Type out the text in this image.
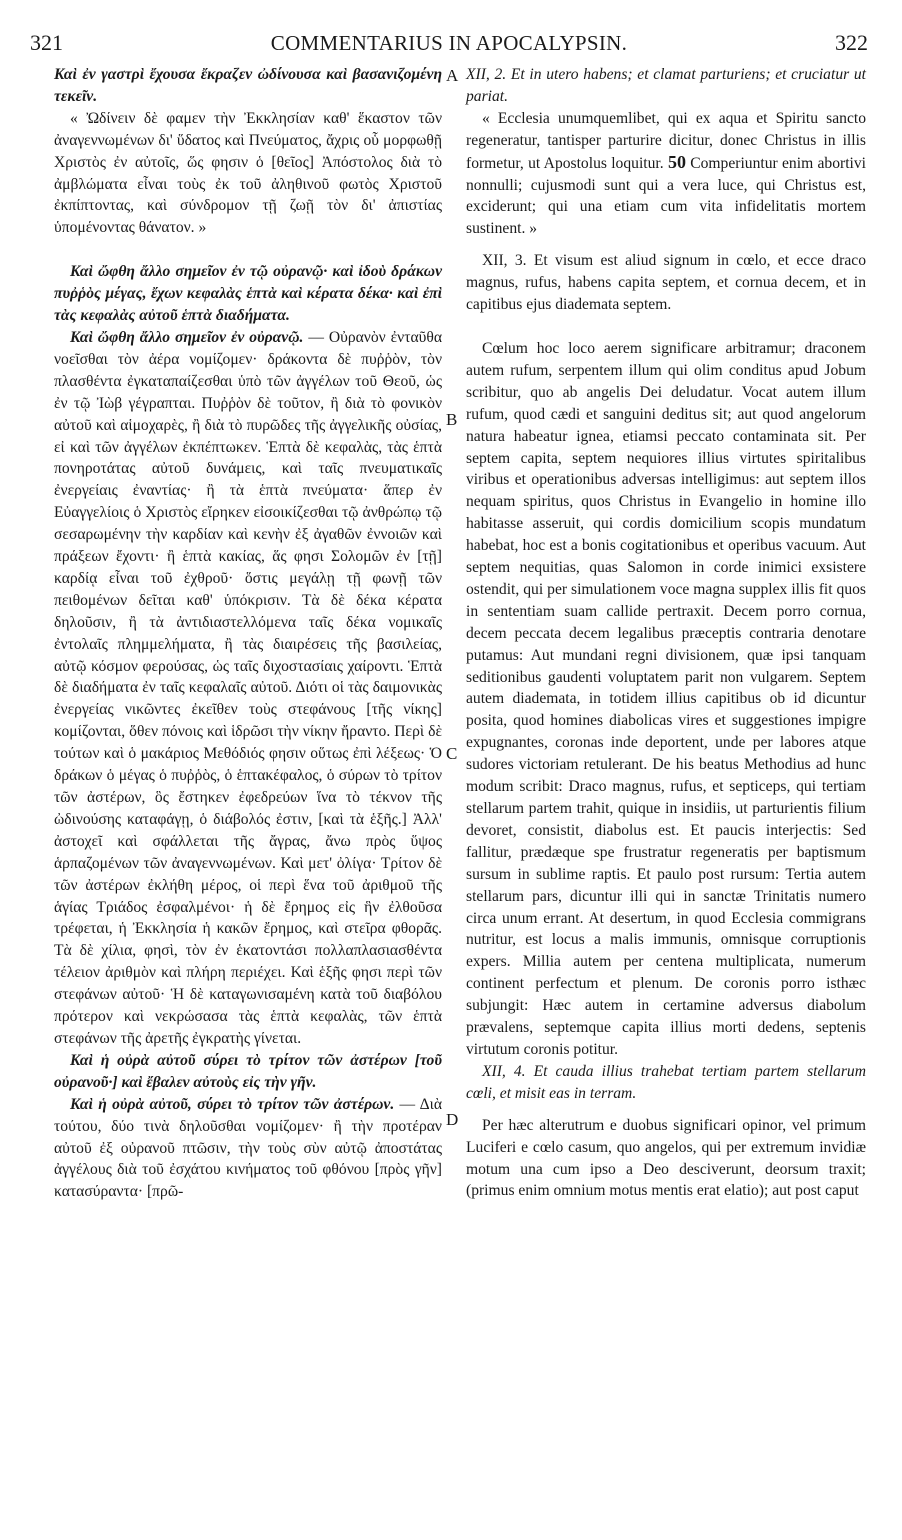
321	COMMENTARIUS IN APOCALYPSIN.	322
A
B
C
D

Καὶ ἐν γαστρὶ ἔχουσα ἔκραζεν ὠδίνουσα καὶ βασανιζομένη τεκεῖν.

« Ὠδίνειν δὲ φαμεν τὴν Ἐκκλησίαν καθ' ἕκαστον τῶν ἀναγεννωμένων δι' ὕδατος καὶ Πνεύματος, ἄχρις οὗ μορφωθῇ Χριστὸς ἐν αὐτοῖς, ὥς φησιν ὁ [θεῖος] Ἀπόστολος διὰ τὸ ἀμβλώματα εἶναι τοὺς ἐκ τοῦ ἀληθινοῦ φωτὸς Χριστοῦ ἐκπίπτοντας, καὶ σύνδρομον τῇ ζωῇ τὸν δι' ἀπιστίας ὑπομένοντας θάνατον. »

Καὶ ὤφθη ἄλλο σημεῖον ἐν τῷ οὐρανῷ· καὶ ἰδοὺ δράκων πυῤῥὸς μέγας, ἔχων κεφαλὰς ἑπτὰ καὶ κέρατα δέκα· καὶ ἐπὶ τὰς κεφαλὰς αὐτοῦ ἑπτὰ διαδήματα.

Καὶ ὤφθη ἄλλο σημεῖον ἐν οὐρανῷ. — Οὐρανὸν ἐνταῦθα νοεῖσθαι τὸν ἀέρα νομίζομεν· δράκοντα δὲ πυῤῥὸν, τὸν πλασθέντα ἐγκαταπαίζεσθαι ὑπὸ τῶν ἀγγέλων τοῦ Θεοῦ, ὡς ἐν τῷ Ἰὼβ γέγραπται. Πυῤῥὸν δὲ τοῦτον, ἢ διὰ τὸ φονικὸν αὐτοῦ καὶ αἱμοχαρὲς, ἢ διὰ τὸ πυρῶδες τῆς ἀγγελικῆς οὐσίας, εἰ καὶ τῶν ἀγγέλων ἐκπέπτωκεν. Ἑπτὰ δὲ κεφαλὰς, τὰς ἑπτὰ πονηροτάτας αὐτοῦ δυνάμεις, καὶ ταῖς πνευματικαῖς ἐνεργείαις ἐναντίας· ἢ τὰ ἑπτὰ πνεύματα· ἅπερ ἐν Εὐαγγελίοις ὁ Χριστὸς εἴρηκεν εἰσοικίζεσθαι τῷ ἀνθρώπῳ τῷ σεσαρωμένην τὴν καρδίαν καὶ κενὴν ἐξ ἀγαθῶν ἐννοιῶν καὶ πράξεων ἔχοντι· ἢ ἑπτὰ κακίας, ἅς φησι Σολομῶν ἐν [τῇ] καρδίᾳ εἶναι τοῦ ἐχθροῦ· ὅστις μεγάλῃ τῇ φωνῇ τῶν πειθομένων δεῖται καθ' ὑπόκρισιν. Τὰ δὲ δέκα κέρατα δηλοῦσιν, ἢ τὰ ἀντιδιαστελλόμενα ταῖς δέκα νομικαῖς ἐντολαῖς πλημμελήματα, ἢ τὰς διαιρέσεις τῆς βασιλείας, αὐτῷ κόσμον φερούσας, ὡς ταῖς διχοστασίαις χαίροντι. Ἑπτὰ δὲ διαδήματα ἐν ταῖς κεφαλαῖς αὐτοῦ. Διότι οἱ τὰς δαιμονικὰς ἐνεργείας νικῶντες ἐκεῖθεν τοὺς στεφάνους [τῆς νίκης] κομίζονται, ὅθεν πόνοις καὶ ἱδρῶσι τὴν νίκην ἤραντο. Περὶ δὲ τούτων καὶ ὁ μακάριος Μεθόδιός φησιν οὕτως ἐπὶ λέξεως· Ὁ δράκων ὁ μέγας ὁ πυῤῥὸς, ὁ ἑπτακέφαλος, ὁ σύρων τὸ τρίτον τῶν ἀστέρων, ὃς ἔστηκεν ἐφεδρεύων ἵνα τὸ τέκνον τῆς ὠδινούσης καταφάγῃ, ὁ διάβολός ἐστιν, [καὶ τὰ ἑξῆς.] Ἀλλ' ἀστοχεῖ καὶ σφάλλεται τῆς ἄγρας, ἄνω πρὸς ὕψος ἁρπαζομένων τῶν ἀναγεννωμένων. Καὶ μετ' ὀλίγα· Τρίτον δὲ τῶν ἀστέρων ἐκλήθη μέρος, οἱ περὶ ἕνα τοῦ ἀριθμοῦ τῆς ἁγίας Τριάδος ἐσφαλμένοι· ἡ δὲ ἔρημος εἰς ἣν ἐλθοῦσα τρέφεται, ἡ Ἐκκλησία ἡ κακῶν ἔρημος, καὶ στεῖρα φθορᾶς. Τὰ δὲ χίλια, φησὶ, τὸν ἐν ἑκατοντάσι πολλαπλασιασθέντα τέλειον ἀριθμὸν καὶ πλήρη περιέχει. Καὶ ἑξῆς φησι περὶ τῶν στεφάνων αὐτοῦ· Ἡ δὲ καταγωνισαμένη κατὰ τοῦ διαβόλου πρότερον καὶ νεκρώσασα τὰς ἑπτὰ κεφαλὰς, τῶν ἑπτὰ στεφάνων τῆς ἀρετῆς ἐγκρατὴς γίνεται.

Καὶ ἡ οὐρὰ αὐτοῦ σύρει τὸ τρίτον τῶν ἀστέρων [τοῦ οὐρανοῦ·] καὶ ἔβαλεν αὐτοὺς εἰς τὴν γῆν.

Καὶ ἡ οὐρὰ αὐτοῦ, σύρει τὸ τρίτον τῶν ἀστέρων. — Διὰ τούτου, δύο τινὰ δηλοῦσθαι νομίζομεν· ἢ τὴν προτέραν αὐτοῦ ἐξ οὐρανοῦ πτῶσιν, τὴν τοὺς σὺν αὐτῷ ἀποστάτας ἀγγέλους διὰ τοῦ ἐσχάτου κινήματος τοῦ φθόνου [πρὸς γῆν] κατασύραντα· [πρῶ-

XII, 2. Et in utero habens; et clamat parturiens; et cruciatur ut pariat.

« Ecclesia unumquemlibet, qui ex aqua et Spiritu sancto regeneratur, tantisper parturire dicitur, donec Christus in illis formetur, ut Apostolus loquitur. 50 Comperiuntur enim abortivi nonnulli; cujusmodi sunt qui a vera luce, qui Christus est, exciderunt; qui una etiam cum vita infidelitatis mortem sustinent. »

XII, 3. Et visum est aliud signum in cœlo, et ecce draco magnus, rufus, habens capita septem, et cornua decem, et in capitibus ejus diademata septem.

Cœlum hoc loco aerem significare arbitramur; draconem autem rufum, serpentem illum qui olim conditus apud Jobum scribitur, quo ab angelis Dei deludatur. Vocat autem illum rufum, quod cædi et sanguini deditus sit; aut quod angelorum natura habeatur ignea, etiamsi peccato contaminata sit. Per septem capita, septem nequiores illius virtutes spiritalibus viribus et operationibus adversas intelligimus: aut septem illos nequam spiritus, quos Christus in Evangelio in homine illo habitasse asseruit, qui cordis domicilium scopis mundatum habebat, hoc est a bonis cogitationibus et operibus vacuum. Aut septem nequitias, quas Salomon in corde inimici exsistere ostendit, qui per simulationem voce magna supplex illis fit quos in sententiam suam callide pertraxit. Decem porro cornua, decem peccata decem legalibus præceptis contraria denotare putamus: Aut mundani regni divisionem, quæ ipsi tanquam seditionibus gaudenti voluptatem parit non vulgarem. Septem autem diademata, in totidem illius capitibus ob id dicuntur posita, quod homines diabolicas vires et suggestiones impigre expugnantes, coronas inde deportent, unde per labores atque sudores victoriam retulerant. De his beatus Methodius ad hunc modum scribit: Draco magnus, rufus, et septiceps, qui tertiam stellarum partem trahit, quique in insidiis, ut parturientis filium devoret, consistit, diabolus est. Et paucis interjectis: Sed fallitur, prædæque spe frustratur regeneratis per baptismum sursum in sublime raptis. Et paulo post rursum: Tertia autem stellarum pars, dicuntur illi qui in sanctæ Trinitatis numero circa unum errant. At desertum, in quod Ecclesia commigrans nutritur, est locus a malis immunis, omnisque corruptionis expers. Millia autem per centena multiplicata, numerum continent perfectum et plenum. De coronis porro isthæc subjungit: Hæc autem in certamine adversus diabolum prævalens, septemque capita illius morti dedens, septenis virtutum coronis potitur.

XII, 4. Et cauda illius trahebat tertiam partem stellarum cœli, et misit eas in terram.

Per hæc alterutrum e duobus significari opinor, vel primum Luciferi e cœlo casum, quo angelos, qui per extremum invidiæ motum una cum ipso a Deo desciverunt, deorsum traxit; (primus enim omnium motus mentis erat elatio); aut post caput
